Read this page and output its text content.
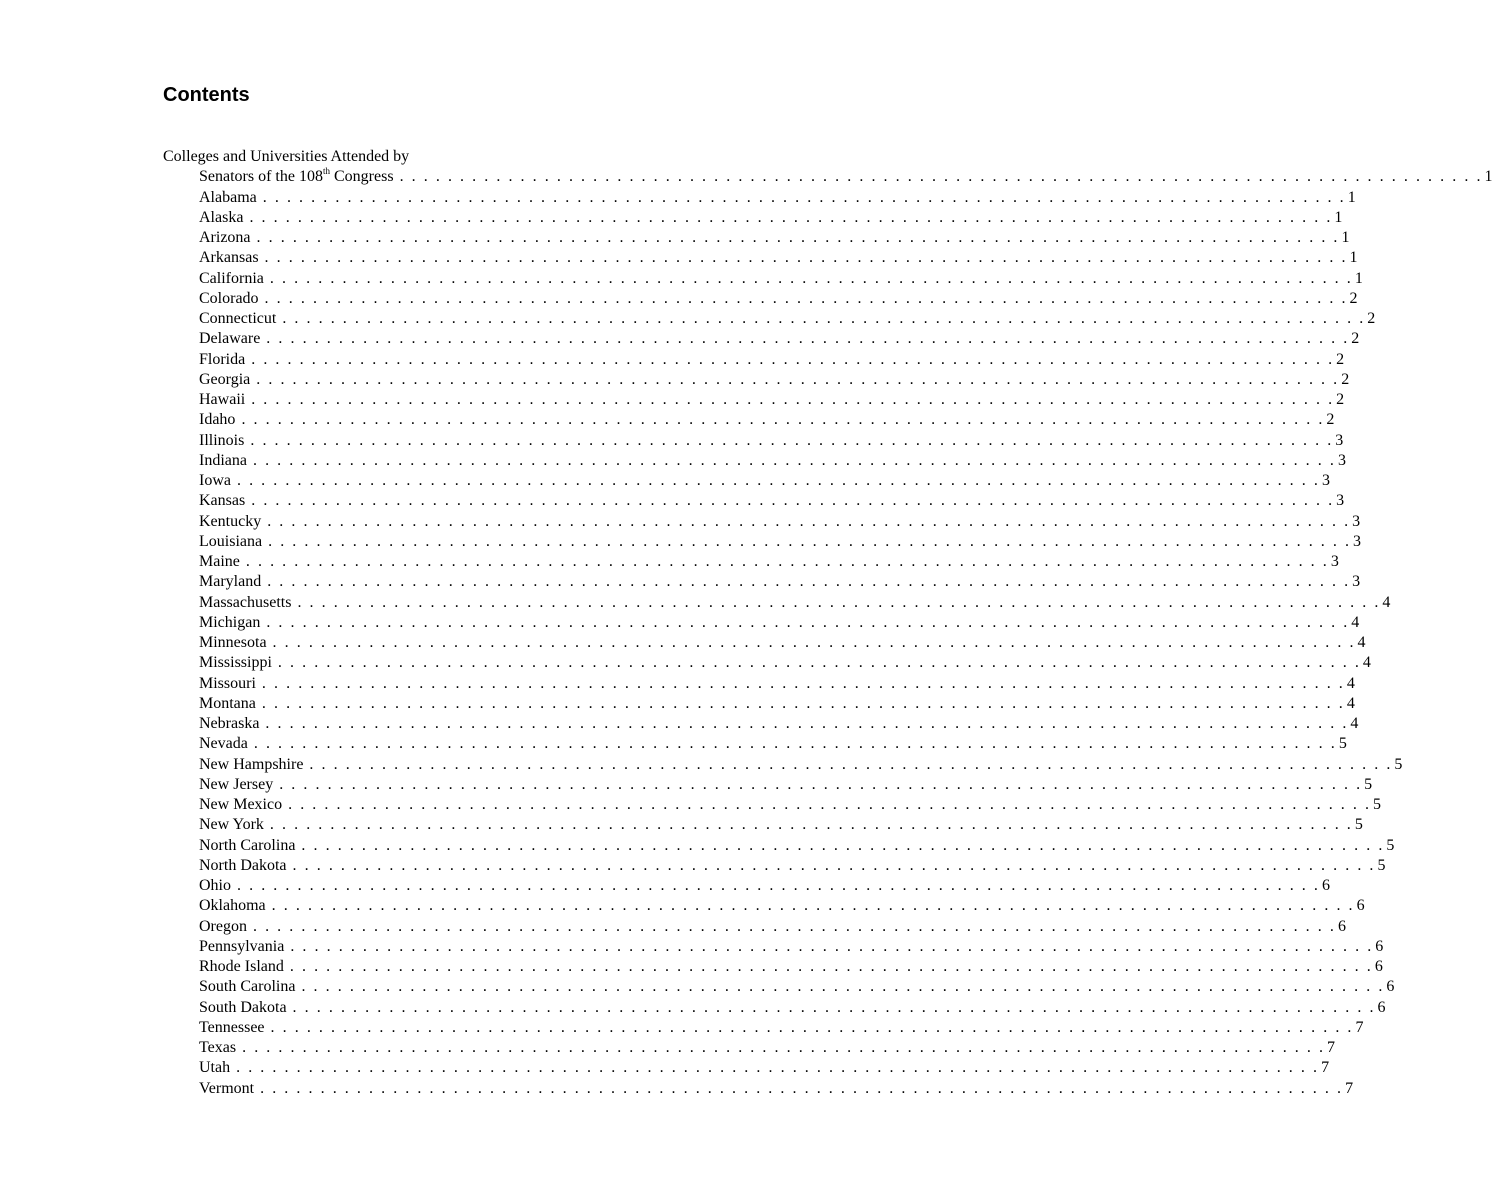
Contents
Colleges and Universities Attended by
Senators of the 108th Congress . . . . . . . . . . . . . . . . . . . . . . . . . . . . . . . . . . . . . . . . . . . . . . . . . . . . . . . . . . . . . . . . . . . . . . . . . . . . . . . . . . . . . . . . . . 1
Alabama . . . . . . . . . . . . . . . . . . . . . . . . . . . . . . . . . . . . . . . . . . . . . . . . . . . . . . . . . . . . . . . . . . . . . . . . . . . . . . . . . . . . . . . . . . 1
Alaska . . . . . . . . . . . . . . . . . . . . . . . . . . . . . . . . . . . . . . . . . . . . . . . . . . . . . . . . . . . . . . . . . . . . . . . . . . . . . . . . . . . . . . . . . . 1
Arizona . . . . . . . . . . . . . . . . . . . . . . . . . . . . . . . . . . . . . . . . . . . . . . . . . . . . . . . . . . . . . . . . . . . . . . . . . . . . . . . . . . . . . . . . . . 1
Arkansas . . . . . . . . . . . . . . . . . . . . . . . . . . . . . . . . . . . . . . . . . . . . . . . . . . . . . . . . . . . . . . . . . . . . . . . . . . . . . . . . . . . . . . . . . . 1
California . . . . . . . . . . . . . . . . . . . . . . . . . . . . . . . . . . . . . . . . . . . . . . . . . . . . . . . . . . . . . . . . . . . . . . . . . . . . . . . . . . . . . . . . . . 1
Colorado . . . . . . . . . . . . . . . . . . . . . . . . . . . . . . . . . . . . . . . . . . . . . . . . . . . . . . . . . . . . . . . . . . . . . . . . . . . . . . . . . . . . . . . . . . 2
Connecticut . . . . . . . . . . . . . . . . . . . . . . . . . . . . . . . . . . . . . . . . . . . . . . . . . . . . . . . . . . . . . . . . . . . . . . . . . . . . . . . . . . . . . . . . . . 2
Delaware . . . . . . . . . . . . . . . . . . . . . . . . . . . . . . . . . . . . . . . . . . . . . . . . . . . . . . . . . . . . . . . . . . . . . . . . . . . . . . . . . . . . . . . . . . 2
Florida . . . . . . . . . . . . . . . . . . . . . . . . . . . . . . . . . . . . . . . . . . . . . . . . . . . . . . . . . . . . . . . . . . . . . . . . . . . . . . . . . . . . . . . . . . 2
Georgia . . . . . . . . . . . . . . . . . . . . . . . . . . . . . . . . . . . . . . . . . . . . . . . . . . . . . . . . . . . . . . . . . . . . . . . . . . . . . . . . . . . . . . . . . . 2
Hawaii . . . . . . . . . . . . . . . . . . . . . . . . . . . . . . . . . . . . . . . . . . . . . . . . . . . . . . . . . . . . . . . . . . . . . . . . . . . . . . . . . . . . . . . . . . 2
Idaho . . . . . . . . . . . . . . . . . . . . . . . . . . . . . . . . . . . . . . . . . . . . . . . . . . . . . . . . . . . . . . . . . . . . . . . . . . . . . . . . . . . . . . . . . . 2
Illinois . . . . . . . . . . . . . . . . . . . . . . . . . . . . . . . . . . . . . . . . . . . . . . . . . . . . . . . . . . . . . . . . . . . . . . . . . . . . . . . . . . . . . . . . . . 3
Indiana . . . . . . . . . . . . . . . . . . . . . . . . . . . . . . . . . . . . . . . . . . . . . . . . . . . . . . . . . . . . . . . . . . . . . . . . . . . . . . . . . . . . . . . . . . 3
Iowa . . . . . . . . . . . . . . . . . . . . . . . . . . . . . . . . . . . . . . . . . . . . . . . . . . . . . . . . . . . . . . . . . . . . . . . . . . . . . . . . . . . . . . . . . . 3
Kansas . . . . . . . . . . . . . . . . . . . . . . . . . . . . . . . . . . . . . . . . . . . . . . . . . . . . . . . . . . . . . . . . . . . . . . . . . . . . . . . . . . . . . . . . . . 3
Kentucky . . . . . . . . . . . . . . . . . . . . . . . . . . . . . . . . . . . . . . . . . . . . . . . . . . . . . . . . . . . . . . . . . . . . . . . . . . . . . . . . . . . . . . . . . . 3
Louisiana . . . . . . . . . . . . . . . . . . . . . . . . . . . . . . . . . . . . . . . . . . . . . . . . . . . . . . . . . . . . . . . . . . . . . . . . . . . . . . . . . . . . . . . . . . 3
Maine . . . . . . . . . . . . . . . . . . . . . . . . . . . . . . . . . . . . . . . . . . . . . . . . . . . . . . . . . . . . . . . . . . . . . . . . . . . . . . . . . . . . . . . . . . 3
Maryland . . . . . . . . . . . . . . . . . . . . . . . . . . . . . . . . . . . . . . . . . . . . . . . . . . . . . . . . . . . . . . . . . . . . . . . . . . . . . . . . . . . . . . . . . . 3
Massachusetts . . . . . . . . . . . . . . . . . . . . . . . . . . . . . . . . . . . . . . . . . . . . . . . . . . . . . . . . . . . . . . . . . . . . . . . . . . . . . . . . . . . . . . . . . . 4
Michigan . . . . . . . . . . . . . . . . . . . . . . . . . . . . . . . . . . . . . . . . . . . . . . . . . . . . . . . . . . . . . . . . . . . . . . . . . . . . . . . . . . . . . . . . . . 4
Minnesota . . . . . . . . . . . . . . . . . . . . . . . . . . . . . . . . . . . . . . . . . . . . . . . . . . . . . . . . . . . . . . . . . . . . . . . . . . . . . . . . . . . . . . . . . . 4
Mississippi . . . . . . . . . . . . . . . . . . . . . . . . . . . . . . . . . . . . . . . . . . . . . . . . . . . . . . . . . . . . . . . . . . . . . . . . . . . . . . . . . . . . . . . . . . 4
Missouri . . . . . . . . . . . . . . . . . . . . . . . . . . . . . . . . . . . . . . . . . . . . . . . . . . . . . . . . . . . . . . . . . . . . . . . . . . . . . . . . . . . . . . . . . . 4
Montana . . . . . . . . . . . . . . . . . . . . . . . . . . . . . . . . . . . . . . . . . . . . . . . . . . . . . . . . . . . . . . . . . . . . . . . . . . . . . . . . . . . . . . . . . . 4
Nebraska . . . . . . . . . . . . . . . . . . . . . . . . . . . . . . . . . . . . . . . . . . . . . . . . . . . . . . . . . . . . . . . . . . . . . . . . . . . . . . . . . . . . . . . . . . 4
Nevada . . . . . . . . . . . . . . . . . . . . . . . . . . . . . . . . . . . . . . . . . . . . . . . . . . . . . . . . . . . . . . . . . . . . . . . . . . . . . . . . . . . . . . . . . . 5
New Hampshire . . . . . . . . . . . . . . . . . . . . . . . . . . . . . . . . . . . . . . . . . . . . . . . . . . . . . . . . . . . . . . . . . . . . . . . . . . . . . . . . . . . . . . . . . . 5
New Jersey . . . . . . . . . . . . . . . . . . . . . . . . . . . . . . . . . . . . . . . . . . . . . . . . . . . . . . . . . . . . . . . . . . . . . . . . . . . . . . . . . . . . . . . . . . 5
New Mexico . . . . . . . . . . . . . . . . . . . . . . . . . . . . . . . . . . . . . . . . . . . . . . . . . . . . . . . . . . . . . . . . . . . . . . . . . . . . . . . . . . . . . . . . . . 5
New York . . . . . . . . . . . . . . . . . . . . . . . . . . . . . . . . . . . . . . . . . . . . . . . . . . . . . . . . . . . . . . . . . . . . . . . . . . . . . . . . . . . . . . . . . . 5
North Carolina . . . . . . . . . . . . . . . . . . . . . . . . . . . . . . . . . . . . . . . . . . . . . . . . . . . . . . . . . . . . . . . . . . . . . . . . . . . . . . . . . . . . . . . . . . 5
North Dakota . . . . . . . . . . . . . . . . . . . . . . . . . . . . . . . . . . . . . . . . . . . . . . . . . . . . . . . . . . . . . . . . . . . . . . . . . . . . . . . . . . . . . . . . . . 5
Ohio . . . . . . . . . . . . . . . . . . . . . . . . . . . . . . . . . . . . . . . . . . . . . . . . . . . . . . . . . . . . . . . . . . . . . . . . . . . . . . . . . . . . . . . . . . 6
Oklahoma . . . . . . . . . . . . . . . . . . . . . . . . . . . . . . . . . . . . . . . . . . . . . . . . . . . . . . . . . . . . . . . . . . . . . . . . . . . . . . . . . . . . . . . . . . 6
Oregon . . . . . . . . . . . . . . . . . . . . . . . . . . . . . . . . . . . . . . . . . . . . . . . . . . . . . . . . . . . . . . . . . . . . . . . . . . . . . . . . . . . . . . . . . . 6
Pennsylvania . . . . . . . . . . . . . . . . . . . . . . . . . . . . . . . . . . . . . . . . . . . . . . . . . . . . . . . . . . . . . . . . . . . . . . . . . . . . . . . . . . . . . . . . . . 6
Rhode Island . . . . . . . . . . . . . . . . . . . . . . . . . . . . . . . . . . . . . . . . . . . . . . . . . . . . . . . . . . . . . . . . . . . . . . . . . . . . . . . . . . . . . . . . . . 6
South Carolina . . . . . . . . . . . . . . . . . . . . . . . . . . . . . . . . . . . . . . . . . . . . . . . . . . . . . . . . . . . . . . . . . . . . . . . . . . . . . . . . . . . . . . . . . . 6
South Dakota . . . . . . . . . . . . . . . . . . . . . . . . . . . . . . . . . . . . . . . . . . . . . . . . . . . . . . . . . . . . . . . . . . . . . . . . . . . . . . . . . . . . . . . . . . 6
Tennessee . . . . . . . . . . . . . . . . . . . . . . . . . . . . . . . . . . . . . . . . . . . . . . . . . . . . . . . . . . . . . . . . . . . . . . . . . . . . . . . . . . . . . . . . . . 7
Texas . . . . . . . . . . . . . . . . . . . . . . . . . . . . . . . . . . . . . . . . . . . . . . . . . . . . . . . . . . . . . . . . . . . . . . . . . . . . . . . . . . . . . . . . . . 7
Utah . . . . . . . . . . . . . . . . . . . . . . . . . . . . . . . . . . . . . . . . . . . . . . . . . . . . . . . . . . . . . . . . . . . . . . . . . . . . . . . . . . . . . . . . . . 7
Vermont . . . . . . . . . . . . . . . . . . . . . . . . . . . . . . . . . . . . . . . . . . . . . . . . . . . . . . . . . . . . . . . . . . . . . . . . . . . . . . . . . . . . . . . . . . 7
